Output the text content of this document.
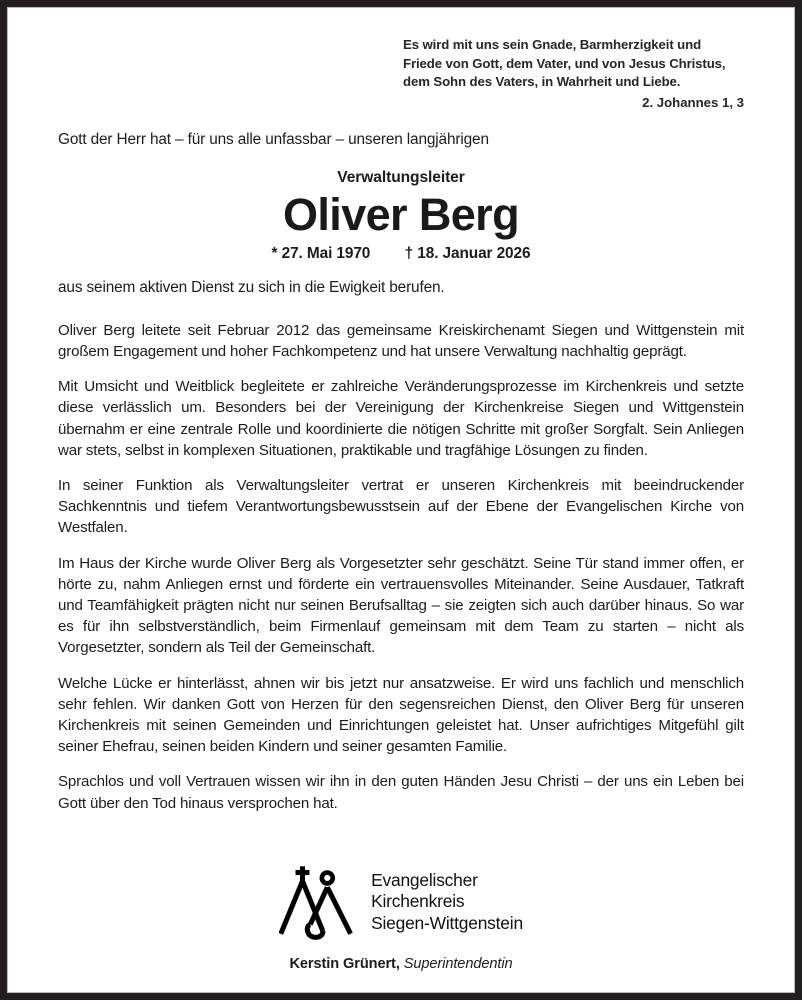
Es wird mit uns sein Gnade, Barmherzigkeit und
Friede von Gott, dem Vater, und von Jesus Christus,
dem Sohn des Vaters, in Wahrheit und Liebe.
2. Johannes 1, 3
Gott der Herr hat – für uns alle unfassbar – unseren langjährigen
Verwaltungsleiter
Oliver Berg
* 27. Mai 1970 † 18. Januar 2026
aus seinem aktiven Dienst zu sich in die Ewigkeit berufen.

Oliver Berg leitete seit Februar 2012 das gemeinsame Kreiskirchenamt Siegen und Wittgenstein mit großem Engagement und hoher Fachkompetenz und hat unsere Verwaltung nachhaltig geprägt.

Mit Umsicht und Weitblick begleitete er zahlreiche Veränderungsprozesse im Kirchenkreis und setzte diese verlässlich um. Besonders bei der Vereinigung der Kirchenkreise Siegen und Wittgenstein übernahm er eine zentrale Rolle und koordinierte die nötigen Schritte mit großer Sorgfalt. Sein Anliegen war stets, selbst in komplexen Situationen, praktikable und tragfähige Lösungen zu finden.

In seiner Funktion als Verwaltungsleiter vertrat er unseren Kirchenkreis mit beeindruckender Sachkenntnis und tiefem Verantwortungsbewusstsein auf der Ebene der Evangelischen Kirche von Westfalen.

Im Haus der Kirche wurde Oliver Berg als Vorgesetzter sehr geschätzt. Seine Tür stand immer offen, er hörte zu, nahm Anliegen ernst und förderte ein vertrauensvolles Miteinander. Seine Ausdauer, Tatkraft und Teamfähigkeit prägten nicht nur seinen Berufsalltag – sie zeigten sich auch darüber hinaus. So war es für ihn selbstverständlich, beim Firmenlauf gemeinsam mit dem Team zu starten – nicht als Vorgesetzter, sondern als Teil der Gemeinschaft.

Welche Lücke er hinterlässt, ahnen wir bis jetzt nur ansatzweise. Er wird uns fachlich und menschlich sehr fehlen. Wir danken Gott von Herzen für den segensreichen Dienst, den Oliver Berg für unseren Kirchenkreis mit seinen Gemeinden und Einrichtungen geleistet hat. Unser aufrichtiges Mitgefühl gilt seiner Ehefrau, seinen beiden Kindern und seiner gesamten Familie.

Sprachlos und voll Vertrauen wissen wir ihn in den guten Händen Jesu Christi – der uns ein Leben bei Gott über den Tod hinaus versprochen hat.

Evangelischer
Kirchenkreis
Siegen-Wittgenstein
Kerstin Grünert, Superintendentin
